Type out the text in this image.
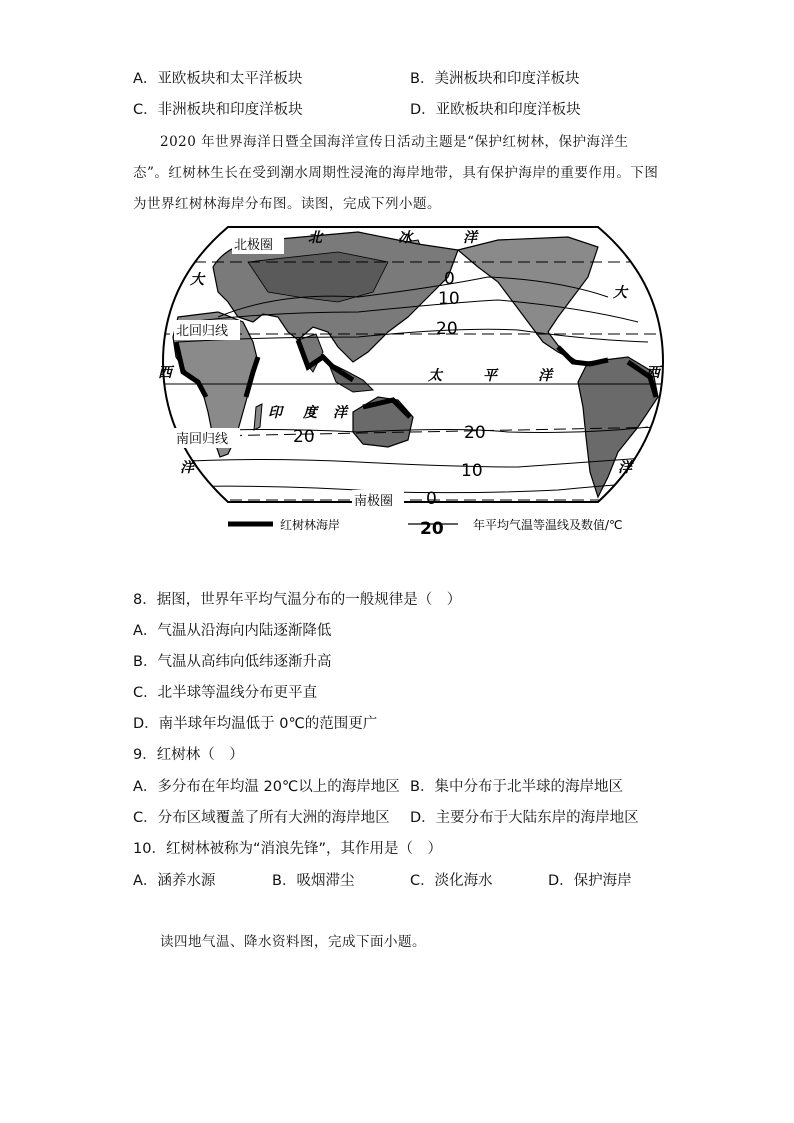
A．亚欧板块和太平洋板块	B．美洲板块和印度洋板块
C．非洲板块和印度洋板块	D．亚欧板块和印度洋板块
2020 年世界海洋日暨全国海洋宣传日活动主题是“保护红树林，保护海洋生
态”。红树林生长在受到潮水周期性浸淹的海岸地带，具有保护海岸的重要作用。下图
为世界红树林海岸分布图。读图，完成下列小题。
北极圈
北回归线
南回归线
南极圈
北	冰	洋
太	平	洋
印 度 洋
大
西
洋
大
西
洋
0
10
20
20	20
10
0
红树林海岸	20 年平均气温等温线及数值/℃
8．据图，世界年平均气温分布的一般规律是（　）
A．气温从沿海向内陆逐渐降低
B．气温从高纬向低纬逐渐升高
C．北半球等温线分布更平直
D．南半球年均温低于 0℃的范围更广
9．红树林（　）
A．多分布在年均温 20℃以上的海岸地区 B．集中分布于北半球的海岸地区
C．分布区域覆盖了所有大洲的海岸地区 D．主要分布于大陆东岸的海岸地区
10．红树林被称为“消浪先锋”，其作用是（　）
A．涵养水源	B．吸烟滞尘	C．淡化海水	D．保护海岸
读四地气温、降水资料图，完成下面小题。
